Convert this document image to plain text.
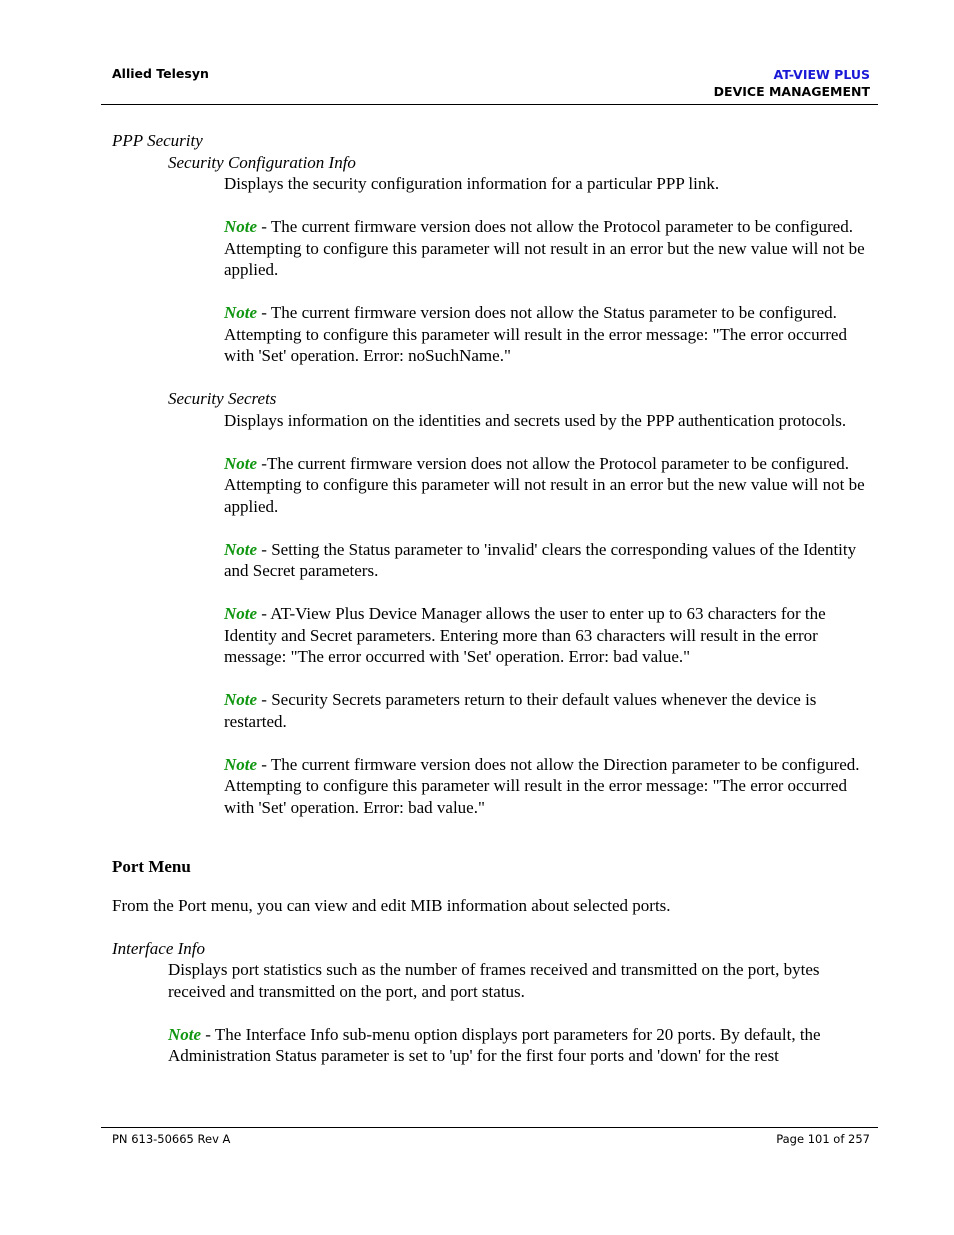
Allied Telesyn	AT-VIEW PLUS
DEVICE MANAGEMENT

PPP Security

Security Configuration Info

Displays the security configuration information for a particular PPP link.

Note - The current firmware version does not allow the Protocol parameter to be configured. Attempting to configure this parameter will not result in an error but the new value will not be applied.

Note - The current firmware version does not allow the Status parameter to be configured. Attempting to configure this parameter will result in the error message: "The error occurred with 'Set' operation. Error: noSuchName."

Security Secrets

Displays information on the identities and secrets used by the PPP authentication protocols.

Note -The current firmware version does not allow the Protocol parameter to be configured. Attempting to configure this parameter will not result in an error but the new value will not be applied.

Note - Setting the Status parameter to 'invalid' clears the corresponding values of the Identity and Secret parameters.

Note - AT-View Plus Device Manager allows the user to enter up to 63 characters for the Identity and Secret parameters. Entering more than 63 characters will result in the error message: "The error occurred with 'Set' operation. Error: bad value."

Note - Security Secrets parameters return to their default values whenever the device is restarted.

Note - The current firmware version does not allow the Direction parameter to be configured. Attempting to configure this parameter will result in the error message: "The error occurred with 'Set' operation. Error: bad value."

Port Menu

From the Port menu, you can view and edit MIB information about selected ports.

Interface Info

Displays port statistics such as the number of frames received and transmitted on the port, bytes received and transmitted on the port, and port status.

Note - The Interface Info sub-menu option displays port parameters for 20 ports. By default, the Administration Status parameter is set to 'up' for the first four ports and 'down' for the rest

PN 613-50665 Rev A	Page 101 of 257
